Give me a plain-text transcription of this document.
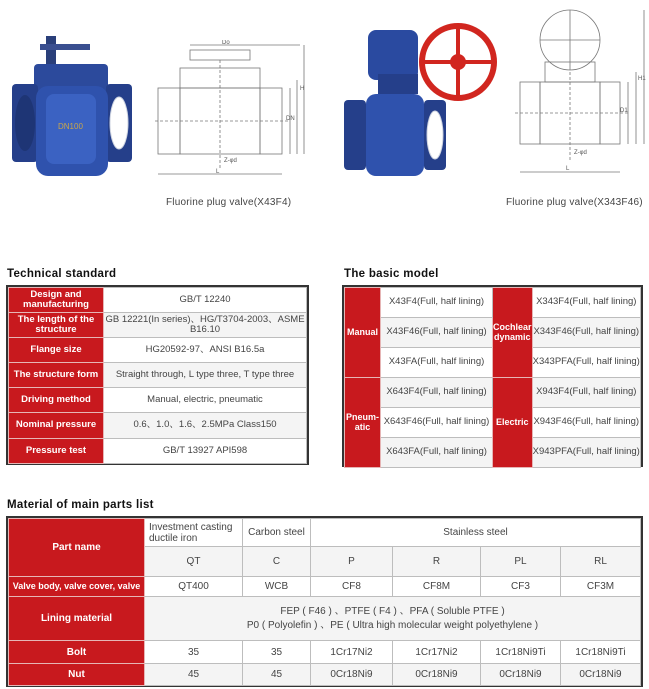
DN100
Do
DN
H
L
Z-φd
H1
D1
L
Z-φd
Fluorine plug valve(X43F4)	Fluorine plug valve(X343F46)
Technical standard
Design and manufacturing	GB/T 12240
The length of the structure	GB 12221(In series)、HG/T3704-2003、ASME B16.10
Flange size	HG20592-97、ANSI B16.5a
The structure form	Straight through, L type three, T type three
Driving method	Manual, electric, pneumatic
Nominal pressure	0.6、1.0、1.6、2.5MPa Class150
Pressure test	GB/T 13927 API598
The basic model
Manual	X43F4(Full, half lining)	Cochlear dynamic	X343F4(Full, half lining)
	X43F46(Full, half lining)		X343F46(Full, half lining)
	X43FA(Full, half lining)		X343PFA(Full, half lining)
Pneum-atic	X643F4(Full, half lining)	Electric	X943F4(Full, half lining)
	X643F46(Full, half lining)		X943F46(Full, half lining)
	X643FA(Full, half lining)		X943PFA(Full, half lining)
Material of main parts list
Part name	Investment casting ductile iron	Carbon steel	Stainless steel			
	QT	C	P	R	PL	RL
Valve body, valve cover, valve	QT400	WCB	CF8	CF8M	CF3	CF3M
Lining material	FEP ( F46 ) 、PTFE ( F4 ) 、PFA ( Soluble PTFE )
P0 ( Polyolefin ) 、PE ( Ultra high molecular weight polyethylene )					

Bolt	35	35	1Cr17Ni2	1Cr17Ni2	1Cr18Ni9Ti	1Cr18Ni9Ti
Nut	45	45	0Cr18Ni9	0Cr18Ni9	0Cr18Ni9	0Cr18Ni9
